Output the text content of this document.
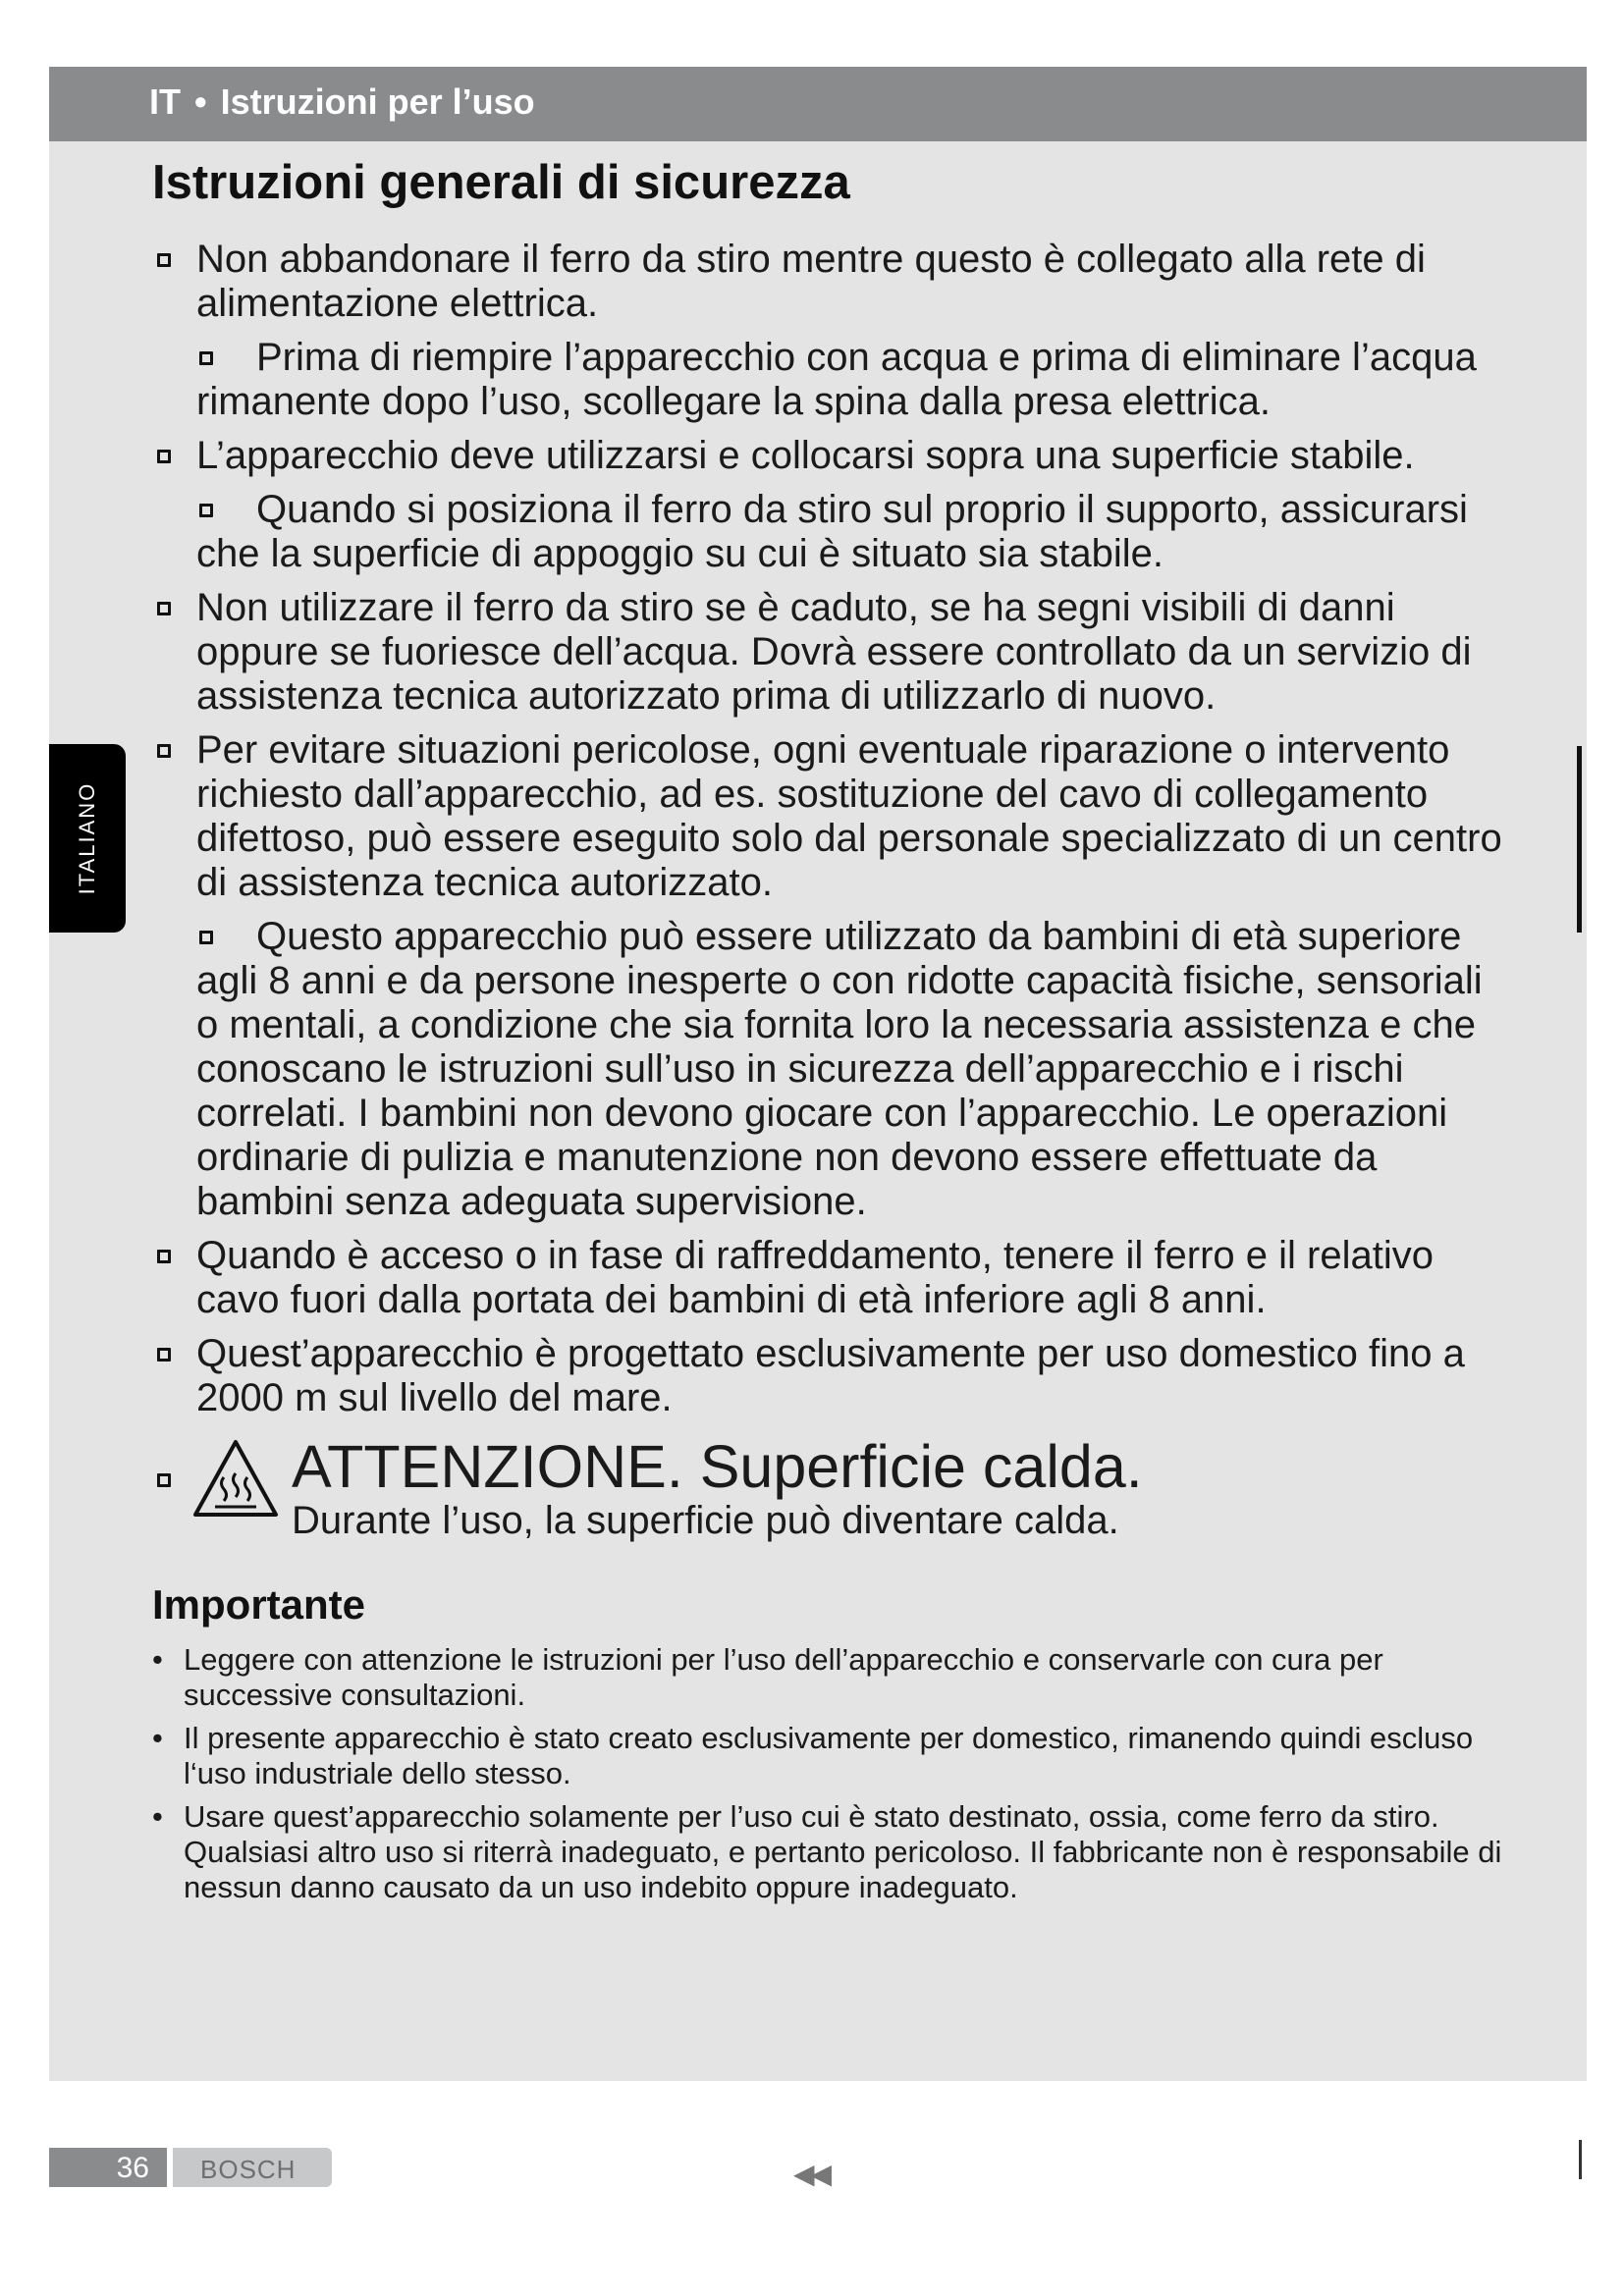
IT • Istruzioni per l’uso
ITALIANO
Istruzioni generali di sicurezza
Non abbandonare il ferro da stiro mentre questo è collegato alla rete di alimentazione elettrica.
Prima di riempire l’apparecchio con acqua e prima di eliminare l’acqua rimanente dopo l’uso, scollegare la spina dalla presa elettrica.
L’apparecchio deve utilizzarsi e collocarsi sopra una superficie stabile.
Quando si posiziona il ferro da stiro sul proprio il supporto, assicurarsi che la superficie di appoggio su cui è situato sia stabile.
Non utilizzare il ferro da stiro se è caduto, se ha segni visibili di danni oppure se fuoriesce dell’acqua. Dovrà essere controllato da un servizio di assistenza tecnica autorizzato prima di utilizzarlo di nuovo.
Per evitare situazioni pericolose, ogni eventuale riparazione o intervento richiesto dall’apparecchio, ad es. sostituzione del cavo di collegamento difettoso, può essere eseguito solo dal personale specializzato di un centro di assistenza tecnica autorizzato.
Questo apparecchio può essere utilizzato da bambini di età superiore agli 8 anni e da persone inesperte o con ridotte capacità fisiche, sensoriali o mentali, a condizione che sia fornita loro la necessaria assistenza e che conoscano le istruzioni sull’uso in sicurezza dell’apparecchio e i rischi correlati. I bambini non devono giocare con l’apparecchio. Le operazioni ordinarie di pulizia e manutenzione non devono essere effettuate da bambini senza adeguata supervisione.
Quando è acceso o in fase di raffreddamento, tenere il ferro e il relativo cavo fuori dalla portata dei bambini di età inferiore agli 8 anni.
Quest’apparecchio è progettato esclusivamente per uso domestico fino a 2000 m sul livello del mare.
ATTENZIONE. Superficie calda.
Durante l’uso, la superficie può diventare calda.
Importante
• Leggere con attenzione le istruzioni per l’uso dell’apparecchio e conservarle con cura per successive consultazioni.
• Il presente apparecchio è stato creato esclusivamente per domestico, rimanendo quindi escluso l‘uso industriale dello stesso.
• Usare quest’apparecchio solamente per l’uso cui è stato destinato, ossia, come ferro da stiro. Qualsiasi altro uso si riterrà inadeguato, e pertanto pericoloso. Il fabbricante non è responsabile di nessun danno causato da un uso indebito oppure inadeguato.
36 BOSCH	◀◀
